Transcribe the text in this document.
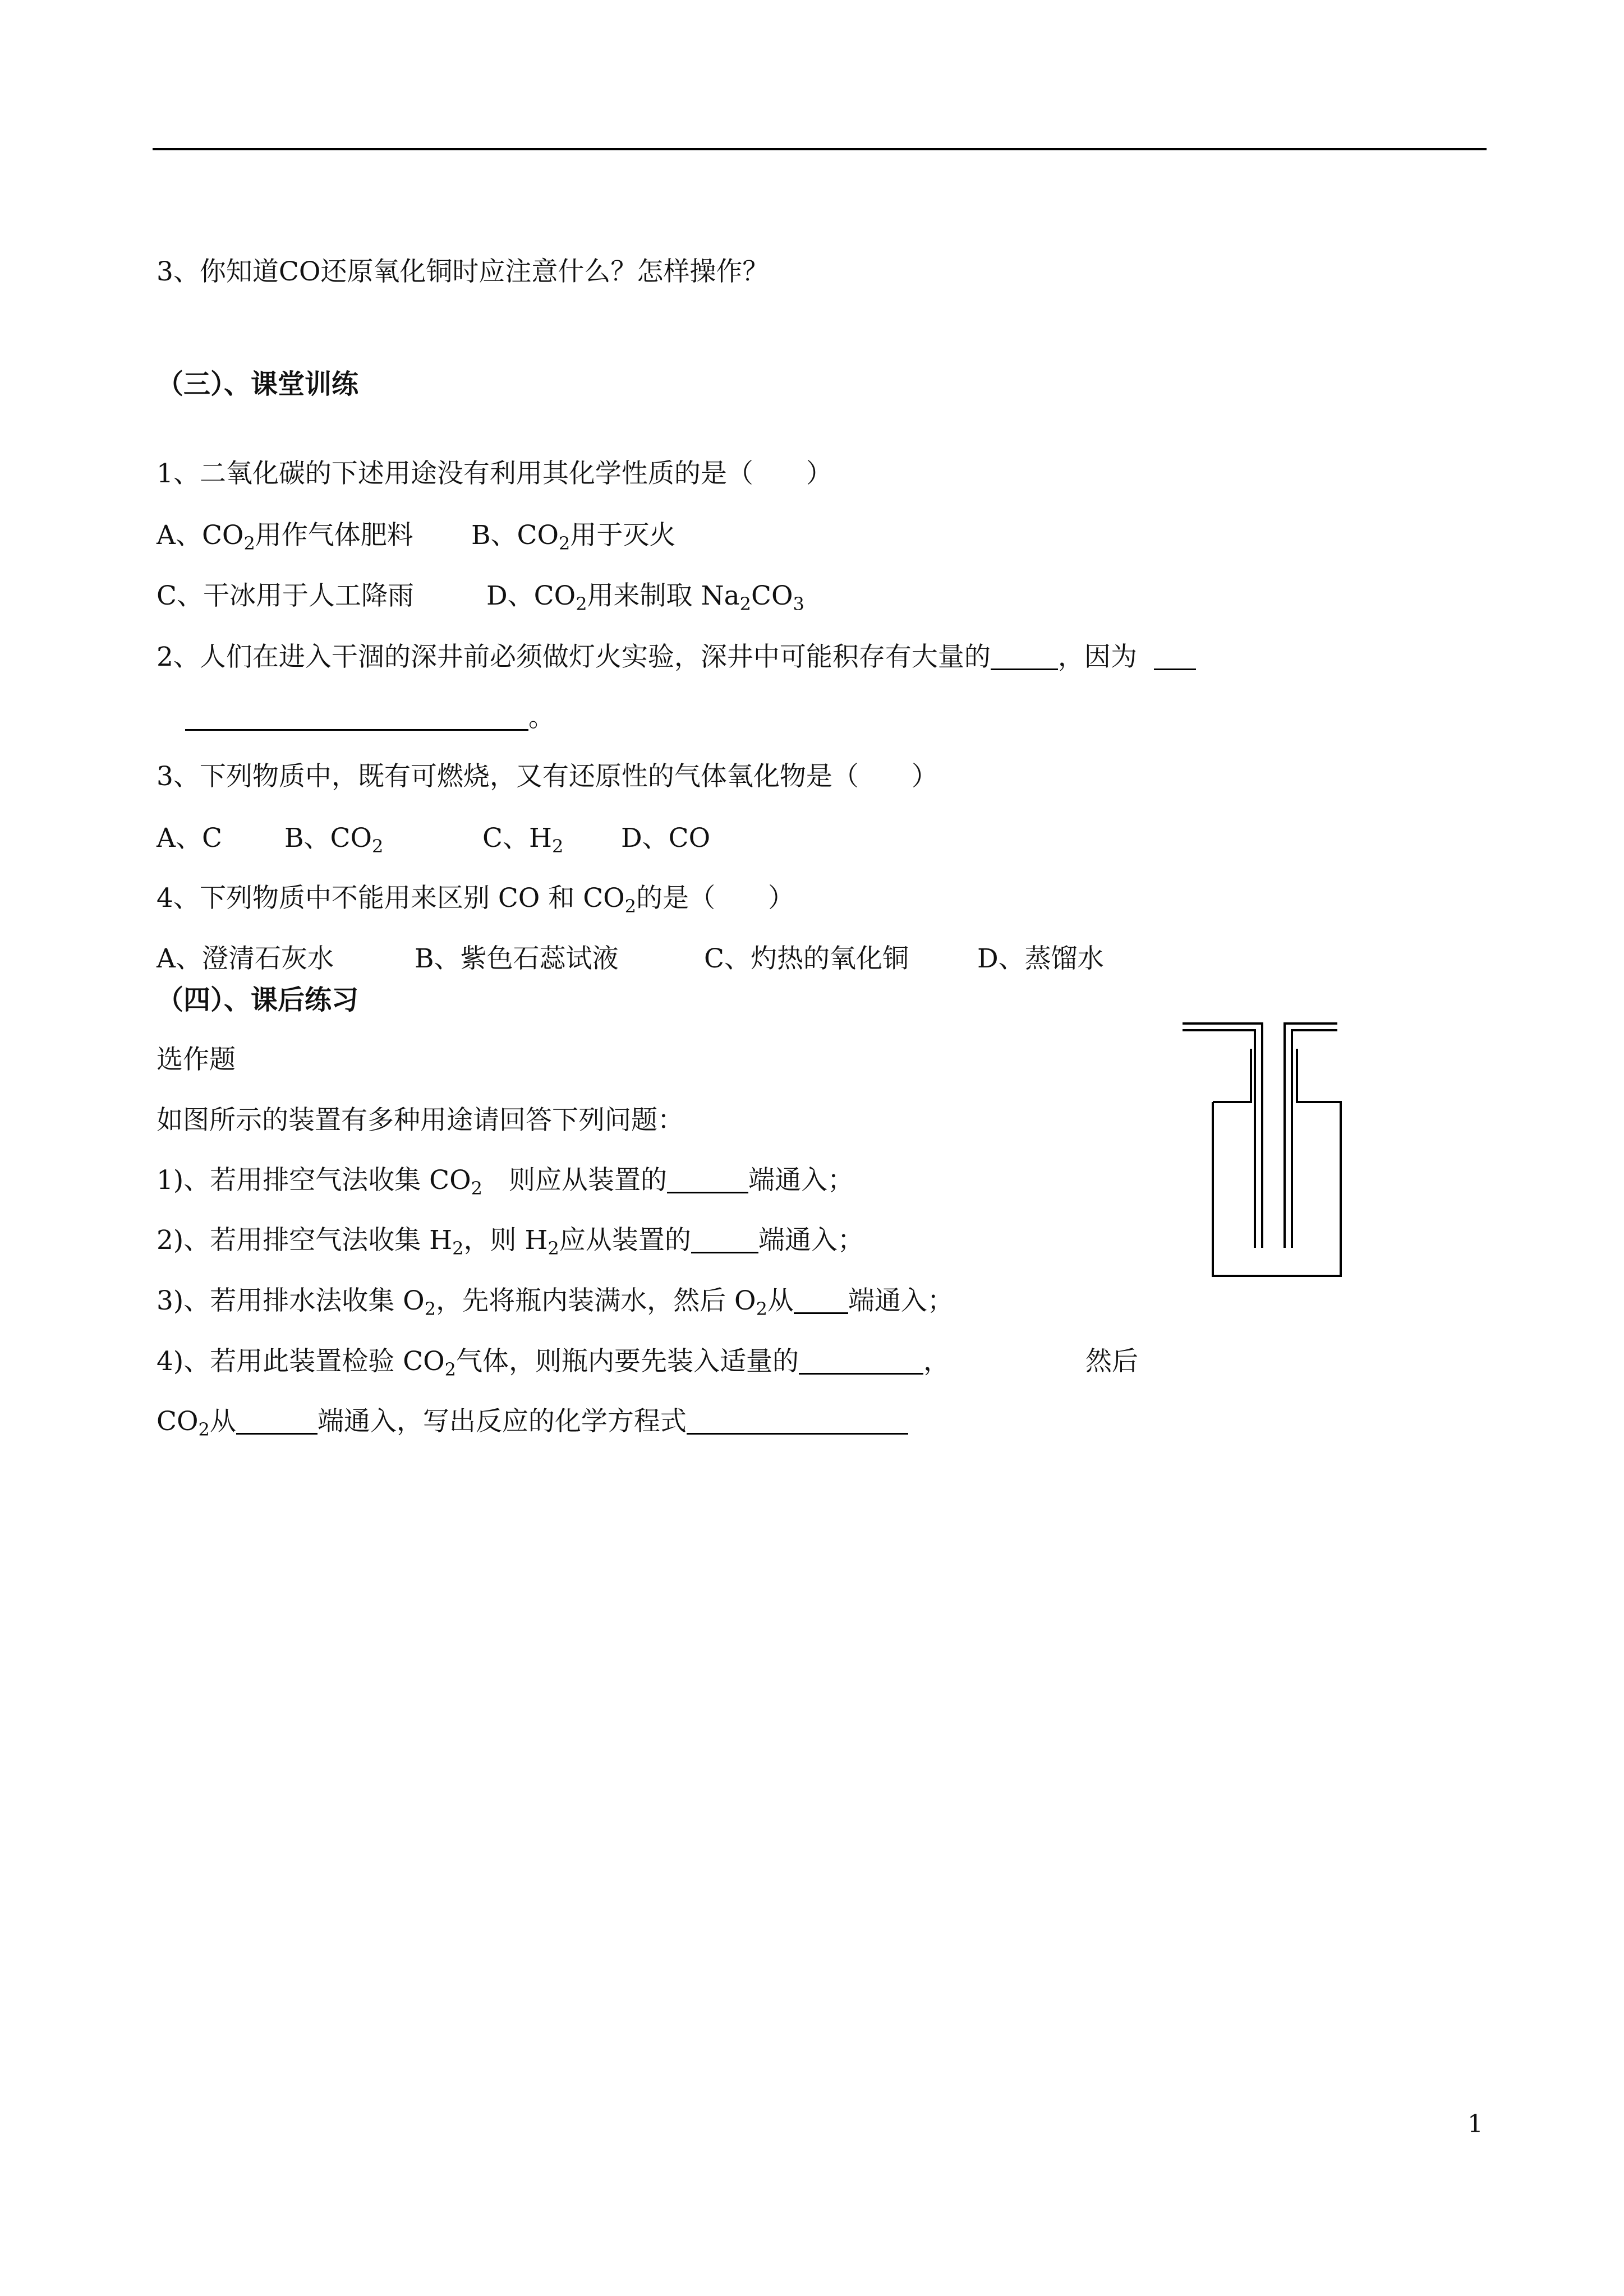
3、你知道CO还原氧化铜时应注意什么？怎样操作？
（三）、课堂训练
1、二氧化碳的下述用途没有利用其化学性质的是（　　）

A、$CO_2$用作气体肥料

B、$CO_2$用于灭火

C、干冰用于人工降雨

	D、$CO_2$用来制取 $Na_2CO_3$

2、人们在进入干涸的深井前必须做灯火实验，深井中可能积存有大量的	，因为
。
3、下列物质中，既有可燃烧，又有还原性的气体氧化物是（　　）

A、C

B、$CO_2$

	C、$H_2$

D、CO

4、下列物质中不能用来区别 CO 和 $CO_2$的是（　　）

A、澄清石灰水

	B、紫色石蕊试液

	C、灼热的氧化铜

	D、蒸馏水

（四）、课后练习
选作题
如图所示的装置有多种用途请回答下列问题：
1)、若用排空气法收集 $CO_2$　则应从装置的	端通入；
2)、若用排空气法收集 $H_2$，则 $H_2$应从装置的	端通入；
3)、若用排水法收集 $O_2$，先将瓶内装满水，然后 $O_2$从 端通入；
4)、若用此装置检验 $CO_2$气体，则瓶内要先装入适量的	，	然后
$CO_2$从	端通入，写出反应的化学方程式
1
